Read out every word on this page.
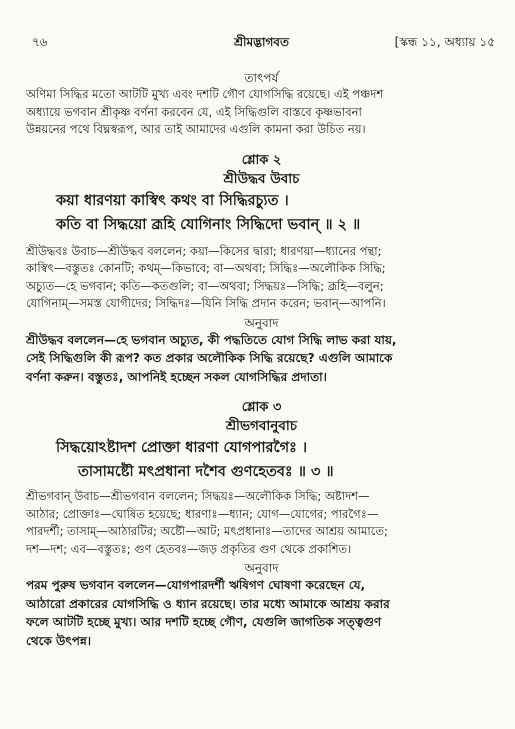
৭৬	শ্রীমদ্ভাগবত	[স্কন্ধ ১১, অধ্যায় ১৫
তাৎপর্য

অণিমা সিদ্ধির মতো আটটি মুখ্য এবং দশটি গৌণ যোগসিদ্ধি রয়েছে। এই পঞ্চদশ

অধ্যায়ে ভগবান শ্রীকৃষ্ণ বর্ণনা করবেন যে, এই সিদ্ধিগুলি বাস্তবে কৃষ্ণভাবনা

উন্নয়নের পথে বিঘ্নস্বরূপ, আর তাই আমাদের এগুলি কামনা করা উচিত নয়।

শ্লোক ২
শ্রীউদ্ধব উবাচ
কয়া ধারণয়া কাস্বিৎ কথং বা সিদ্ধিরচ্যুত ।
কতি বা সিদ্ধয়ো ব্রূহি যোগিনাং সিদ্ধিদো ভবান্ ॥ ২ ॥

শ্রীউদ্ধবঃ উবাচ—শ্রীউদ্ধব বললেন; কয়া—কিসের দ্বারা; ধারণয়া—ধ্যানের পন্থা;

কাস্বিৎ—বস্তুতঃ কোনটি; কথম্—কিভাবে; বা—অথবা; সিদ্ধিঃ—অলৌকিক সিদ্ধি;

অচ্যুত—হে ভগবান; কতি—কতগুলি; বা—অথবা; সিদ্ধয়ঃ—সিদ্ধি; ব্রূহি—বলুন;

যোগিনাম্—সমস্ত যোগীদের; সিদ্ধিদঃ—যিনি সিদ্ধি প্রদান করেন; ভবান্—আপনি।

অনুবাদ

শ্রীউদ্ধব বললেন—হে ভগবান অচ্যুত, কী পদ্ধতিতে যোগ সিদ্ধি লাভ করা যায়,

সেই সিদ্ধিগুলি কী রূপ? কত প্রকার অলৌকিক সিদ্ধি রয়েছে? এগুলি আমাকে

বর্ণনা করুন। বস্তুতঃ, আপনিই হচ্ছেন সকল যোগসিদ্ধির প্রদাতা।

শ্লোক ৩
শ্রীভগবানুবাচ
সিদ্ধয়োঽষ্টাদশ প্রোক্তা ধারণা যোগপারগৈঃ ।
তাসামষ্টৌ মৎপ্রধানা দশৈব গুণহেতবঃ ॥ ৩ ॥

শ্রীভগবান্ উবাচ—শ্রীভগবান বললেন; সিদ্ধয়ঃ—অলৌকিক সিদ্ধি; অষ্টাদশ—

আঠার; প্রোক্তাঃ—ঘোষিত হয়েছে; ধারণাঃ—ধ্যান; যোগ—যোগের; পারগৈঃ—

পারদর্শী; তাসাম্—আঠারটির; অষ্টৌ—আট; মৎপ্রধানাঃ—তাদের আশ্রয় আমাতে;

দশ—দশ; এব—বস্তুতঃ; গুণ হেতবঃ—জড় প্রকৃতির গুণ থেকে প্রকাশিত।

অনুবাদ

পরম পুরুষ ভগবান বললেন—যোগপারদর্শী ঋষিগণ ঘোষণা করেছেন যে,

আঠারো প্রকারের যোগসিদ্ধি ও ধ্যান রয়েছে। তার মধ্যে আমাকে আশ্রয় করার

ফলে আটটি হচ্ছে মুখ্য। আর দশটি হচ্ছে গৌণ, যেগুলি জাগতিক সত্ত্বগুণ

থেকে উৎপন্ন।
